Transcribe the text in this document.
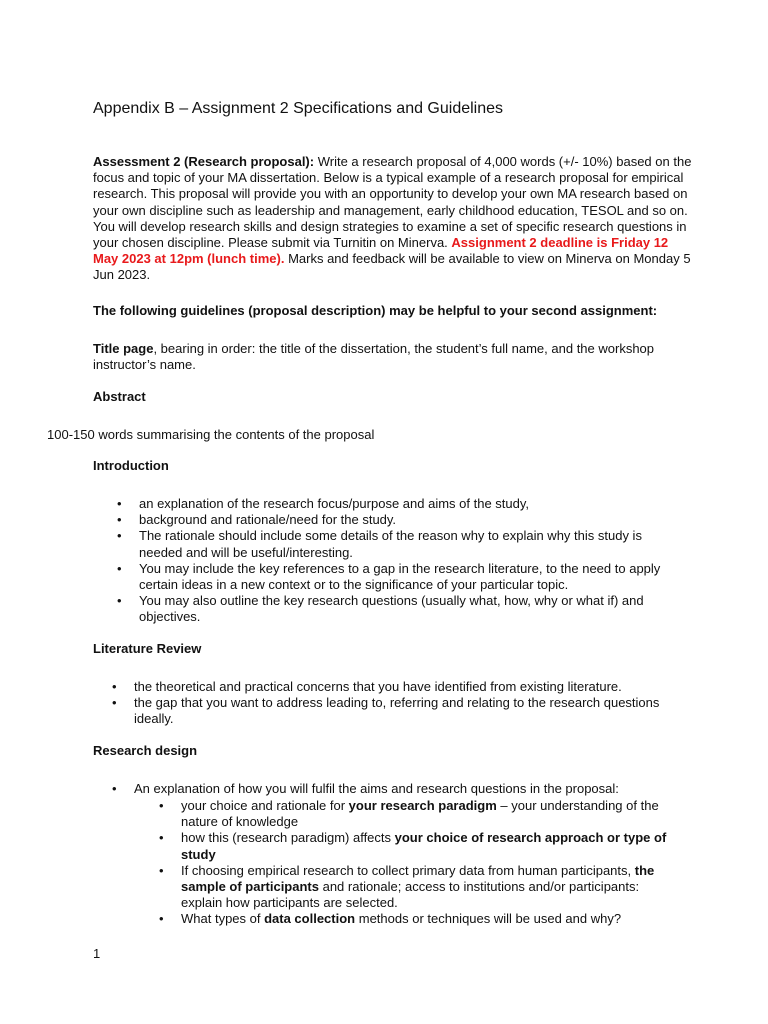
Appendix B – Assignment 2 Specifications and Guidelines

Assessment 2 (Research proposal): Write a research proposal of 4,000 words (+/- 10%) based on the focus and topic of your MA dissertation. Below is a typical example of a research proposal for empirical research. This proposal will provide you with an opportunity to develop your own MA research based on your own discipline such as leadership and management, early childhood education, TESOL and so on. You will develop research skills and design strategies to examine a set of specific research questions in your chosen discipline. Please submit via Turnitin on Minerva. Assignment 2 deadline is Friday 12 May 2023 at 12pm (lunch time). Marks and feedback will be available to view on Minerva on Monday 5 Jun 2023.

The following guidelines (proposal description) may be helpful to your second assignment:

Title page, bearing in order: the title of the dissertation, the student’s full name, and the workshop instructor’s name.

Abstract

100-150 words summarising the contents of the proposal

Introduction

• an explanation of the research focus/purpose and aims of the study,
• background and rationale/need for the study.
• The rationale should include some details of the reason why to explain why this study is needed and will be useful/interesting.
• You may include the key references to a gap in the research literature, to the need to apply certain ideas in a new context or to the significance of your particular topic.
• You may also outline the key research questions (usually what, how, why or what if) and objectives.

Literature Review

• the theoretical and practical concerns that you have identified from existing literature.
• the gap that you want to address leading to, referring and relating to the research questions ideally.

Research design

• An explanation of how you will fulfil the aims and research questions in the proposal:
• your choice and rationale for your research paradigm – your understanding of the nature of knowledge
• how this (research paradigm) affects your choice of research approach or type of study
• If choosing empirical research to collect primary data from human participants, the sample of participants and rationale; access to institutions and/or participants: explain how participants are selected.
• What types of data collection methods or techniques will be used and why?
1
